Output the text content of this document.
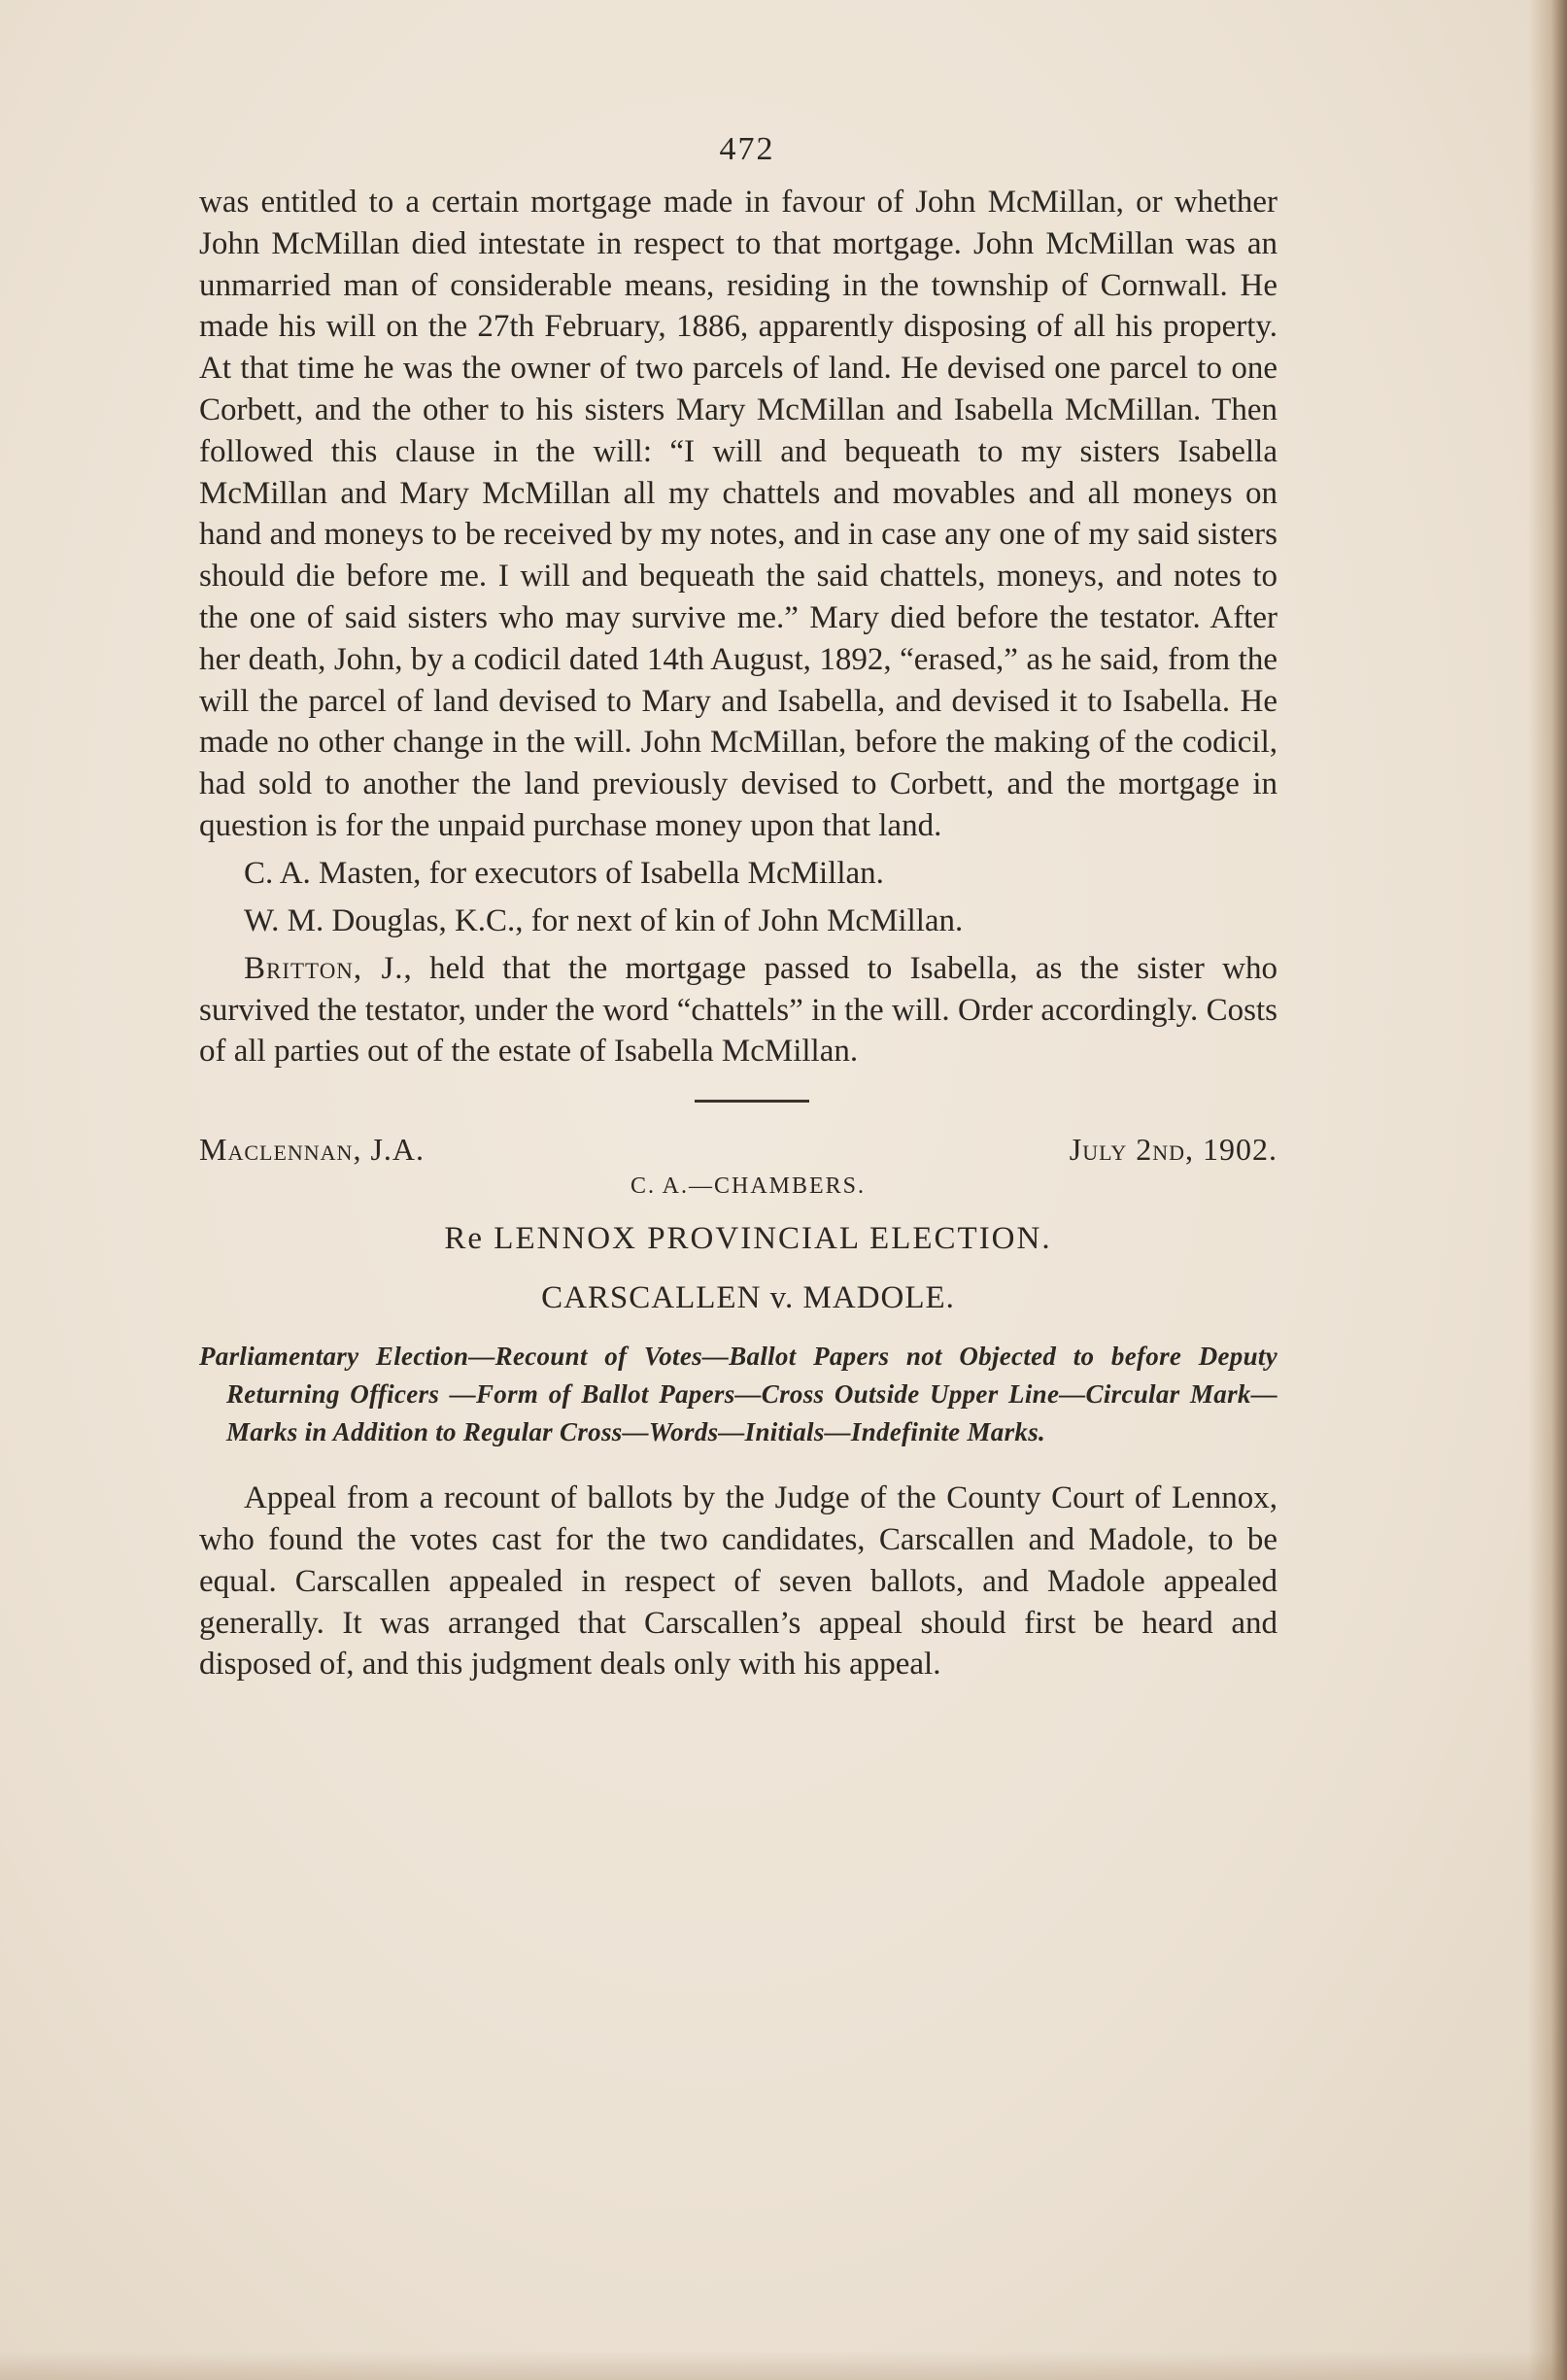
472

was entitled to a certain mortgage made in favour of John McMillan, or whether John McMillan died intestate in respect to that mortgage. John McMillan was an unmarried man of considerable means, residing in the township of Cornwall. He made his will on the 27th February, 1886, apparently disposing of all his property. At that time he was the owner of two parcels of land. He devised one parcel to one Corbett, and the other to his sisters Mary McMillan and Isabella McMillan. Then followed this clause in the will: “I will and bequeath to my sisters Isabella McMillan and Mary McMillan all my chattels and movables and all moneys on hand and moneys to be received by my notes, and in case any one of my said sisters should die before me. I will and bequeath the said chattels, moneys, and notes to the one of said sisters who may survive me.” Mary died before the testator. After her death, John, by a codicil dated 14th August, 1892, “erased,” as he said, from the will the parcel of land devised to Mary and Isabella, and devised it to Isabella. He made no other change in the will. John McMillan, before the making of the codicil, had sold to another the land previously devised to Corbett, and the mortgage in question is for the unpaid purchase money upon that land.

C. A. Masten, for executors of Isabella McMillan.

W. M. Douglas, K.C., for next of kin of John McMillan.

Britton, J., held that the mortgage passed to Isabella, as the sister who survived the testator, under the word “chattels” in the will. Order accordingly. Costs of all parties out of the estate of Isabella McMillan.

Maclennan, J.A.	July 2nd, 1902.
C. A.—CHAMBERS.
Re LENNOX PROVINCIAL ELECTION.
CARSCALLEN v. MADOLE.

Parliamentary Election—Recount of Votes—Ballot Papers not Objected to before Deputy Returning Officers —Form of Ballot Papers—Cross Outside Upper Line—Circular Mark—Marks in Addition to Regular Cross—Words—Initials—Indefinite Marks.

Appeal from a recount of ballots by the Judge of the County Court of Lennox, who found the votes cast for the two candidates, Carscallen and Madole, to be equal. Carscallen appealed in respect of seven ballots, and Madole appealed generally. It was arranged that Carscallen’s appeal should first be heard and disposed of, and this judgment deals only with his appeal.
